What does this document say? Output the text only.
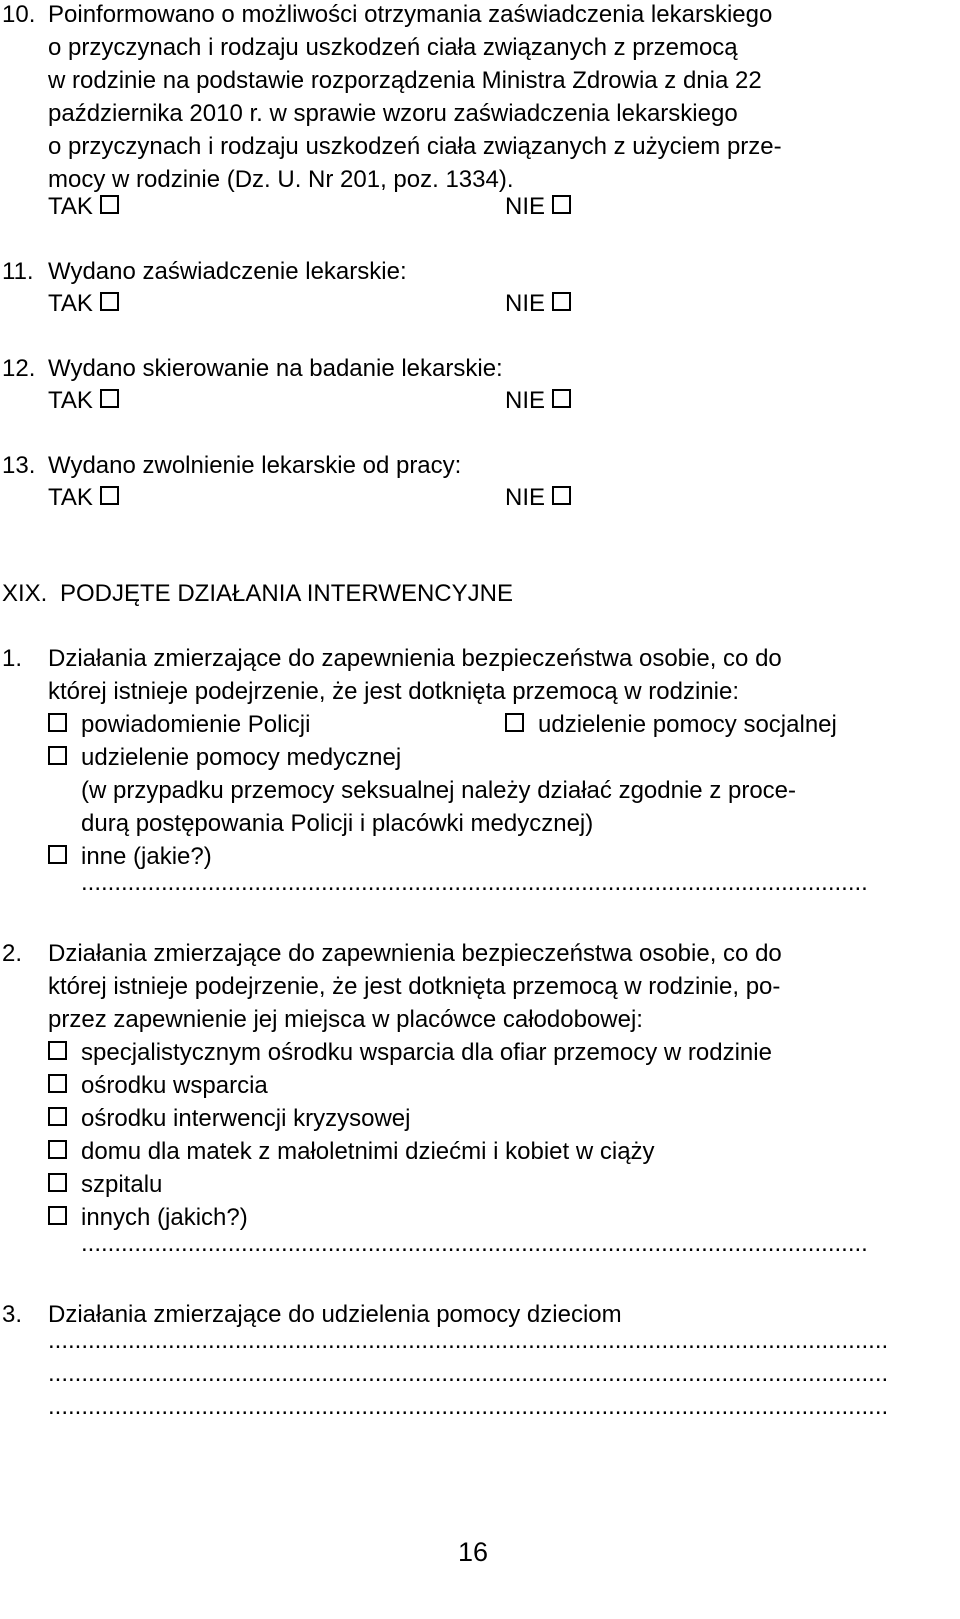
10. Poinformowano o możliwości otrzymania zaświadczenia lekarskiego
o przyczynach i rodzaju uszkodzeń ciała związanych z przemocą
w rodzinie na podstawie rozporządzenia Ministra Zdrowia z dnia 22
października 2010 r. w sprawie wzoru zaświadczenia lekarskiego
o przyczynach i rodzaju uszkodzeń ciała związanych z użyciem prze-
mocy w rodzinie (Dz. U. Nr 201, poz. 1334).
TAK	NIE
11. Wydano zaświadczenie lekarskie:
TAK	NIE
12. Wydano skierowanie na badanie lekarskie:
TAK	NIE
13. Wydano zwolnienie lekarskie od pracy:
TAK	NIE
XIX. PODJĘTE DZIAŁANIA INTERWENCYJNE
1. Działania zmierzające do zapewnienia bezpieczeństwa osobie, co do
której istnieje podejrzenie, że jest dotknięta przemocą w rodzinie:
powiadomienie Policji	udzielenie pomocy socjalnej
udzielenie pomocy medycznej
(w przypadku przemocy seksualnej należy działać zgodnie z proce-
durą postępowania Policji i placówki medycznej)
inne (jakie?)
......................................................................................................................
2. Działania zmierzające do zapewnienia bezpieczeństwa osobie, co do
której istnieje podejrzenie, że jest dotknięta przemocą w rodzinie, po-
przez zapewnienie jej miejsca w placówce całodobowej:
specjalistycznym ośrodku wsparcia dla ofiar przemocy w rodzinie
ośrodku wsparcia
ośrodku interwencji kryzysowej
domu dla matek z małoletnimi dziećmi i kobiet w ciąży
szpitalu
innych (jakich?)
......................................................................................................................
3. Działania zmierzające do udzielenia pomocy dzieciom
..............................................................................................................................
..............................................................................................................................
..............................................................................................................................
16
